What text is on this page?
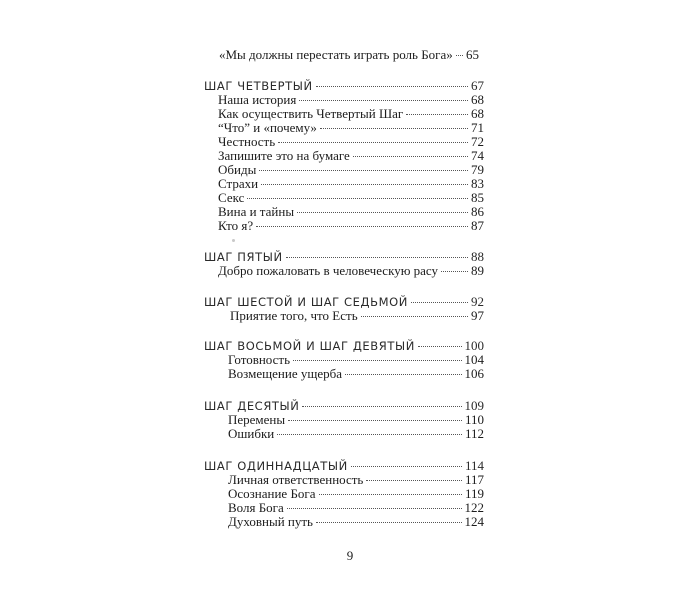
«Мы должны перестать играть роль Бога» 65
ШАГ ЧЕТВЕРТЫЙ	67
Наша история	68
Как осуществить Четвертый Шаг	68
“Что” и «почему»	71
Честность	72
Запишите это на бумаге	74
Обиды	79
Страхи	83
Секс	85
Вина и тайны	86
Кто я?	87
ШАГ ПЯТЫЙ	88
Добро пожаловать в человеческую расу	89
ШАГ ШЕСТОЙ И ШАГ СЕДЬМОЙ	92
Приятие того, что Есть	97
ШАГ ВОСЬМОЙ И ШАГ ДЕВЯТЫЙ	100
Готовность	104
Возмещение ущерба	106
ШАГ ДЕСЯТЫЙ	109
Перемены	110
Ошибки	112
ШАГ ОДИННАДЦАТЫЙ	114
Личная ответственность	117
Осознание Бога	119
Воля Бога	122
Духовный путь	124
9
